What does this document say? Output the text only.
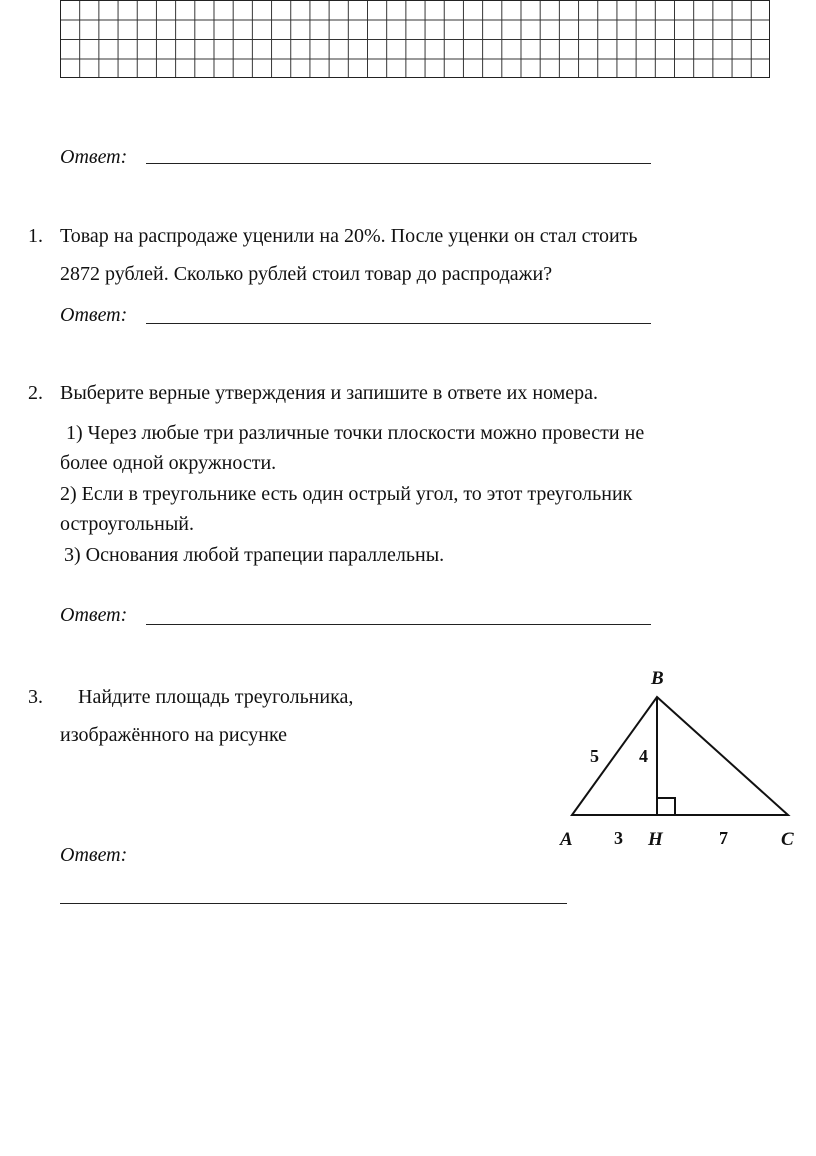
Ответ:
1. Товар на распродаже уценили на 20%. После уценки он стал стоить
2872 рублей. Сколько рублей стоил товар до распродажи?
Ответ:
2. Выберите верные утверждения и запишите в ответе их номера.
1) Через любые три различные точки плоскости можно провести не
более одной окружности.
2) Если в треугольнике есть один острый угол, то этот треугольник
остроугольный.
3) Основания любой трапеции параллельны.
Ответ:
3. Найдите площадь треугольника,
изображённого на рисунке
Ответ:
B
A	H	C
5 4
3	7
